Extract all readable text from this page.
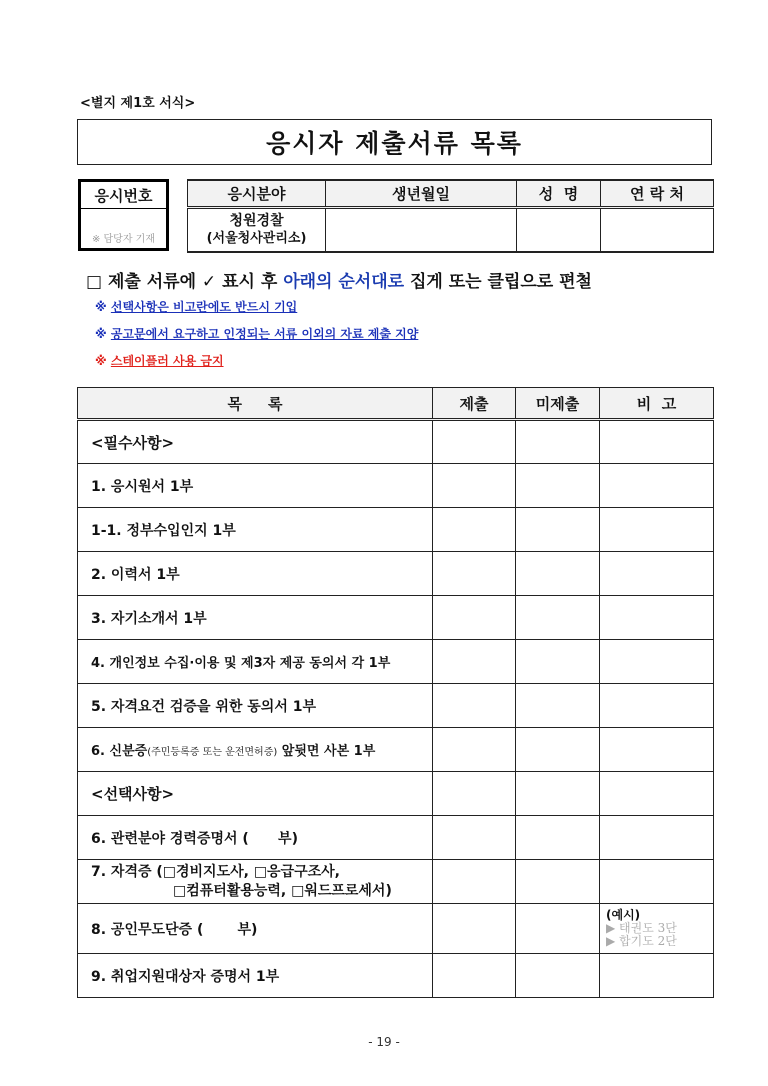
<별지 제1호 서식>
응시자 제출서류 목록
응시번호
※ 담당자 기재
응시분야	생년월일	성  명	연 락 처

청원경찰
(서울청사관리소)			

□ 제출 서류에 ✓ 표시 후 아래의 순서대로 집게 또는 클립으로 편철
※ 선택사항은 비고란에도 반드시 기입
※ 공고문에서 요구하고 인정되는 서류 이외의 자료 제출 지양
※ 스테이플러 사용 금지
목     록	제출	미제출	비  고
<필수사항>			
1. 응시원서 1부			
1-1. 정부수입인지 1부			
2. 이력서 1부			
3. 자기소개서 1부			
4. 개인정보 수집·이용 및 제3자 제공 동의서 각 1부			
5. 자격요건 검증을 위한 동의서 1부			
6. 신분증(주민등록증 또는 운전면허증) 앞뒷면 사본 1부			
<선택사항>			
6. 관련분야 경력증명서 (      부)			

7. 자격증 (□경비지도사, □응급구조사,
□컴퓨터활용능력, □워드프로세서)			

8. 공인무도단증 (       부)			(예시)
▶ 태권도 3단
▶ 합기도 2단

9. 취업지원대상자 증명서 1부			
- 19 -
